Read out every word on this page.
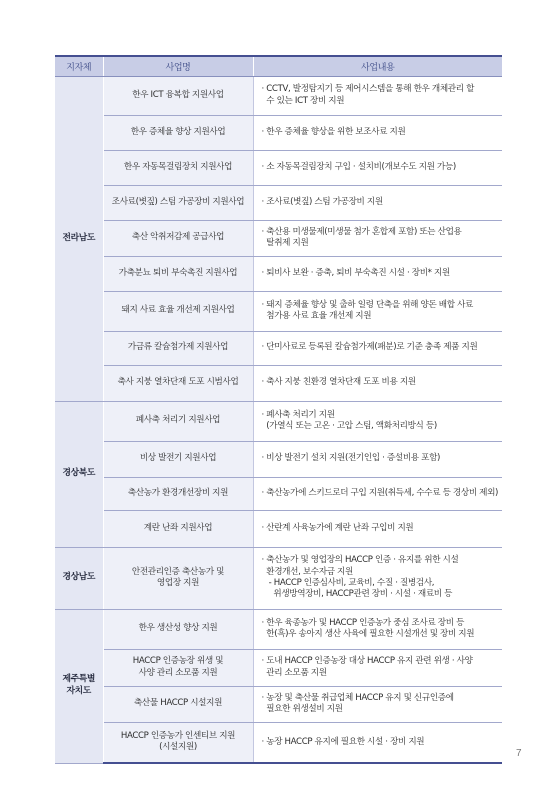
지자체	사업명	사업내용
전라남도	한우 ICT 융복합 지원사업	· CCTV, 발정탐지기 등 제어시스템을 통해 한우 개체관리 할
수 있는 ICT 장비 지원

	한우 증체율 향상 지원사업	· 한우 증체율 향상을 위한 보조사료 지원

	한우 자동목걸림장치 지원사업	· 소 자동목걸림장치 구입 · 설치비(개보수도 지원 가능)

	조사료(볏짚) 스팀 가공장비 지원사업	· 조사료(볏짚) 스팀 가공장비 지원

	축산 악취저감제 공급사업	· 축산용 미생물제(미생물 첨가 혼합제 포함) 또는 산업용
탈취제 지원

	가축분뇨 퇴비 부숙촉진 지원사업	· 퇴비사 보완 · 증축, 퇴비 부숙촉진 시설 · 장비* 지원

	돼지 사료 효율 개선제 지원사업	· 돼지 증체율 향상 및 출하 일령 단축을 위해 양돈 배합 사료
첨가용 사료 효율 개선제 지원

	가금류 칼슘첨가제 지원사업	· 단미사료로 등록된 칼슘첨가제(패분)로 기준 충족 제품 지원

	축사 지붕 열차단재 도포 시범사업	· 축사 지붕 친환경 열차단재 도포 비용 지원

경상북도	폐사축 처리기 지원사업	· 폐사축 처리기 지원
(가열식 또는 고온 · 고압 스팀, 액화처리방식 등)

	비상 발전기 지원사업	· 비상 발전기 설치 지원(전기인입 · 증설비용 포함)

	축산농가 환경개선장비 지원	· 축산농가에 스키드로더 구입 지원(취득세, 수수료 등 경상비 제외)

	계란 난좌 지원사업	· 산란계 사육농가에 계란 난좌 구입비 지원

경상남도	안전관리인증 축산농가 및
영업장 지원	· 축산농가 및 영업장의 HACCP 인증 · 유지를 위한 시설
환경개선, 보수자금 지원
- HACCP 인증심사비, 교육비, 수질 · 질병검사,
위생방역장비, HACCP관련 장비 · 시설 · 재료비 등

제주특별
자치도	한우 생산성 향상 지원	· 한우 육종농가 및 HACCP 인증농가 중심 조사료 장비 등
한(흑)우 송아지 생산 사육에 필요한 시설개선 및 장비 지원

	HACCP 인증농장 위생 및
사양 관리 소모품 지원	· 도내 HACCP 인증농장 대상 HACCP 유지 관련 위생 · 사양
관리 소모품 지원

	축산물 HACCP 시설지원	· 농장 및 축산물 취급업체 HACCP 유지 및 신규인증에
필요한 위생설비 지원

	HACCP 인증농가 인센티브 지원
(시설지원)	· 농장 HACCP 유지에 필요한 시설 · 장비 지원
7
